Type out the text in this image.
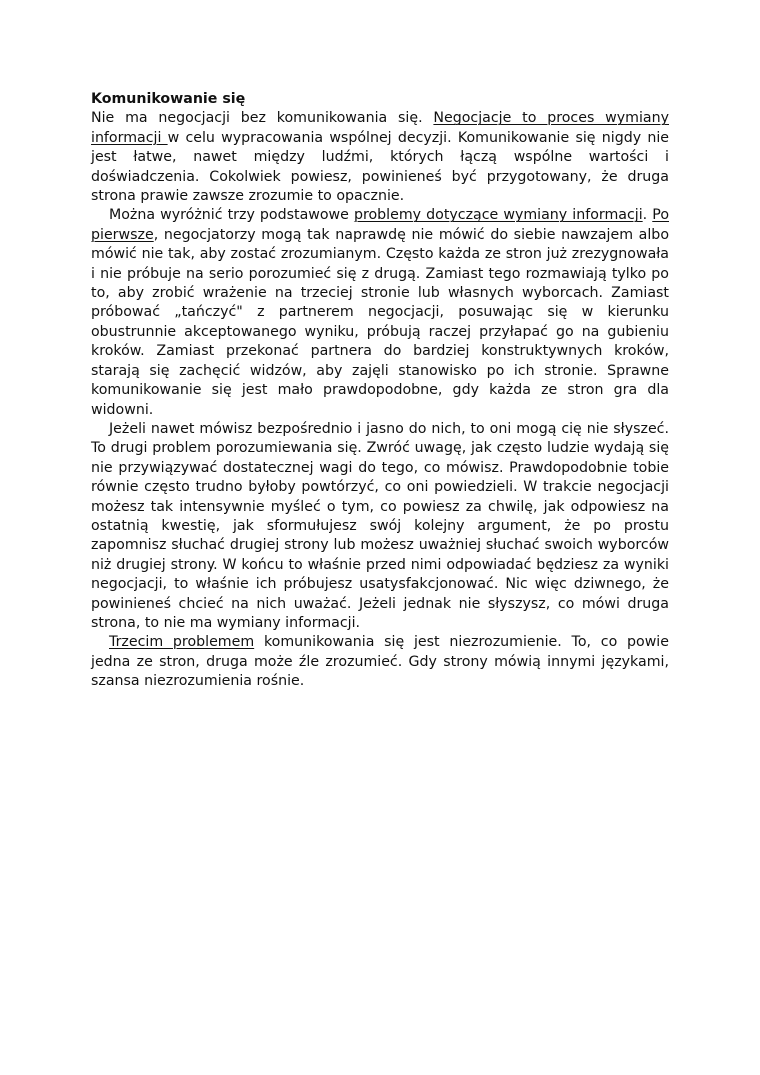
Komunikowanie się

Nie ma negocjacji bez komunikowania się. Negocjacje to proces wymiany informacji w celu wypracowania wspólnej decyzji. Komunikowanie się nigdy nie jest łatwe, nawet między ludźmi, których łączą wspólne wartości i doświadczenia. Cokolwiek powiesz, powinieneś być przygotowany, że druga strona prawie zawsze zrozumie to opacznie.

Można wyróżnić trzy podstawowe problemy dotyczące wymiany informacji. Po pierwsze, negocjatorzy mogą tak naprawdę nie mówić do siebie nawzajem albo mówić nie tak, aby zostać zrozumianym. Często każda ze stron już zrezygnowała i nie próbuje na serio porozumieć się z drugą. Zamiast tego rozmawiają tylko po to, aby zrobić wrażenie na trzeciej stronie lub własnych wyborcach. Zamiast próbować „tańczyć" z partnerem negocjacji, posuwając się w kierunku obustrunnie akceptowanego wyniku, próbują raczej przyłapać go na gubieniu kroków. Zamiast przekonać partnera do bardziej konstruktywnych kroków, starają się zachęcić widzów, aby zajęli stanowisko po ich stronie. Sprawne komunikowanie się jest mało prawdopodobne, gdy każda ze stron gra dla widowni.

Jeżeli nawet mówisz bezpośrednio i jasno do nich, to oni mogą cię nie słyszeć. To drugi problem porozumiewania się. Zwróć uwagę, jak często ludzie wydają się nie przywiązywać dostatecznej wagi do tego, co mówisz. Prawdopodobnie tobie równie często trudno byłoby powtórzyć, co oni powiedzieli. W trakcie negocjacji możesz tak intensywnie myśleć o tym, co powiesz za chwilę, jak odpowiesz na ostatnią kwestię, jak sformułujesz swój kolejny argument, że po prostu zapomnisz słuchać drugiej strony lub możesz uważniej słuchać swoich wyborców niż drugiej strony. W końcu to właśnie przed nimi odpowiadać będziesz za wyniki negocjacji, to właśnie ich próbujesz usatysfakcjonować. Nic więc dziwnego, że powinieneś chcieć na nich uważać. Jeżeli jednak nie słyszysz, co mówi druga strona, to nie ma wymiany informacji.

Trzecim problemem komunikowania się jest niezrozumienie. To, co powie jedna ze stron, druga może źle zrozumieć. Gdy strony mówią innymi językami, szansa niezrozumienia rośnie.
